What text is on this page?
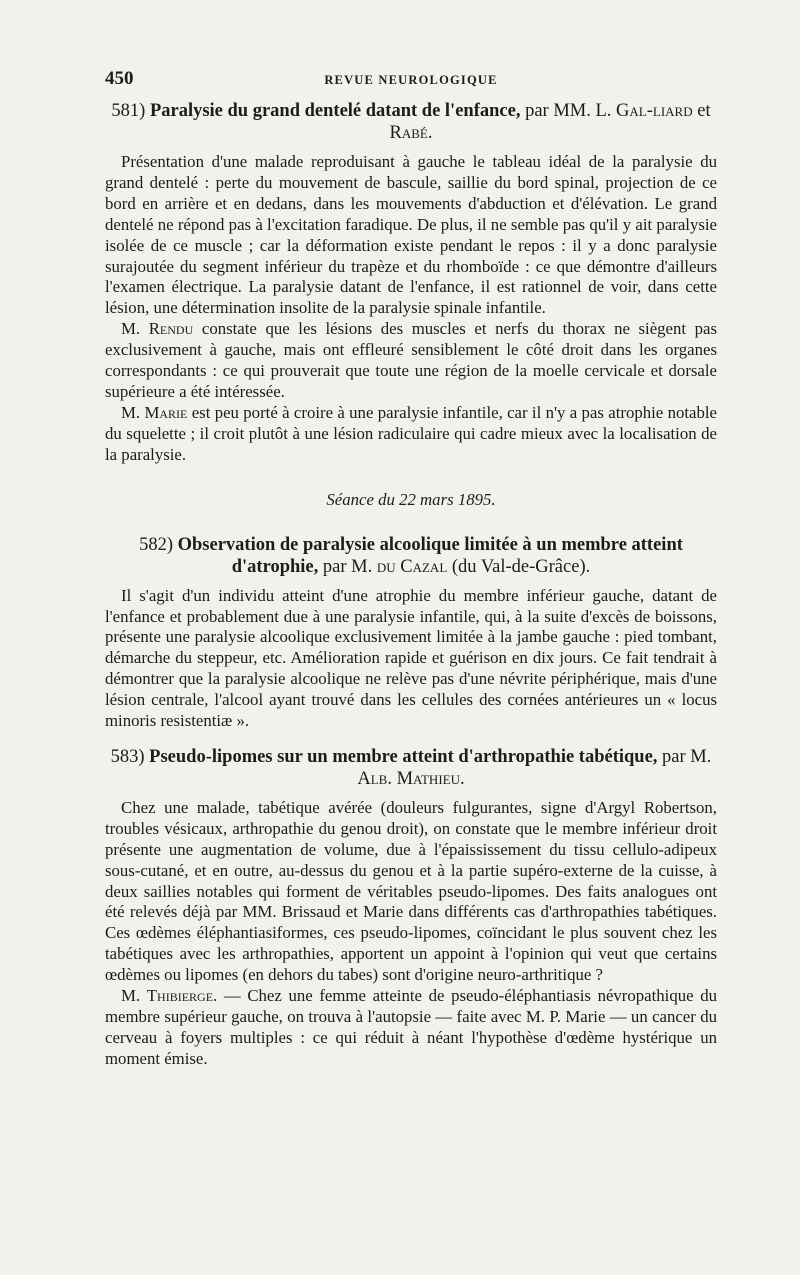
450	REVUE NEUROLOGIQUE
581) Paralysie du grand dentelé datant de l'enfance, par MM. L. Gal-liard et Rabé.

Présentation d'une malade reproduisant à gauche le tableau idéal de la paralysie du grand dentelé : perte du mouvement de bascule, saillie du bord spinal, projection de ce bord en arrière et en dedans, dans les mouvements d'abduction et d'élévation. Le grand dentelé ne répond pas à l'excitation faradique. De plus, il ne semble pas qu'il y ait paralysie isolée de ce muscle ; car la déformation existe pendant le repos : il y a donc paralysie surajoutée du segment inférieur du trapèze et du rhomboïde : ce que démontre d'ailleurs l'examen électrique. La paralysie datant de l'enfance, il est rationnel de voir, dans cette lésion, une détermination insolite de la paralysie spinale infantile.

M. Rendu constate que les lésions des muscles et nerfs du thorax ne siègent pas exclusivement à gauche, mais ont effleuré sensiblement le côté droit dans les organes correspondants : ce qui prouverait que toute une région de la moelle cervicale et dorsale supérieure a été intéressée.

M. Marie est peu porté à croire à une paralysie infantile, car il n'y a pas atrophie notable du squelette ; il croit plutôt à une lésion radiculaire qui cadre mieux avec la localisation de la paralysie.

Séance du 22 mars 1895.
582) Observation de paralysie alcoolique limitée à un membre atteint d'atrophie, par M. du Cazal (du Val-de-Grâce).

Il s'agit d'un individu atteint d'une atrophie du membre inférieur gauche, datant de l'enfance et probablement due à une paralysie infantile, qui, à la suite d'excès de boissons, présente une paralysie alcoolique exclusivement limitée à la jambe gauche : pied tombant, démarche du steppeur, etc. Amélioration rapide et guérison en dix jours. Ce fait tendrait à démontrer que la paralysie alcoolique ne relève pas d'une névrite périphérique, mais d'une lésion centrale, l'alcool ayant trouvé dans les cellules des cornées antérieures un « locus minoris resistentiæ ».

583) Pseudo-lipomes sur un membre atteint d'arthropathie tabétique, par M. Alb. Mathieu.

Chez une malade, tabétique avérée (douleurs fulgurantes, signe d'Argyl Robertson, troubles vésicaux, arthropathie du genou droit), on constate que le membre inférieur droit présente une augmentation de volume, due à l'épaississement du tissu cellulo-adipeux sous-cutané, et en outre, au-dessus du genou et à la partie supéro-externe de la cuisse, à deux saillies notables qui forment de véritables pseudo-lipomes. Des faits analogues ont été relevés déjà par MM. Brissaud et Marie dans différents cas d'arthropathies tabétiques. Ces œdèmes éléphantiasiformes, ces pseudo-lipomes, coïncidant le plus souvent chez les tabétiques avec les arthropathies, apportent un appoint à l'opinion qui veut que certains œdèmes ou lipomes (en dehors du tabes) sont d'origine neuro-arthritique ?

M. Thibierge. — Chez une femme atteinte de pseudo-éléphantiasis névropathique du membre supérieur gauche, on trouva à l'autopsie — faite avec M. P. Marie — un cancer du cerveau à foyers multiples : ce qui réduit à néant l'hypothèse d'œdème hystérique un moment émise.
